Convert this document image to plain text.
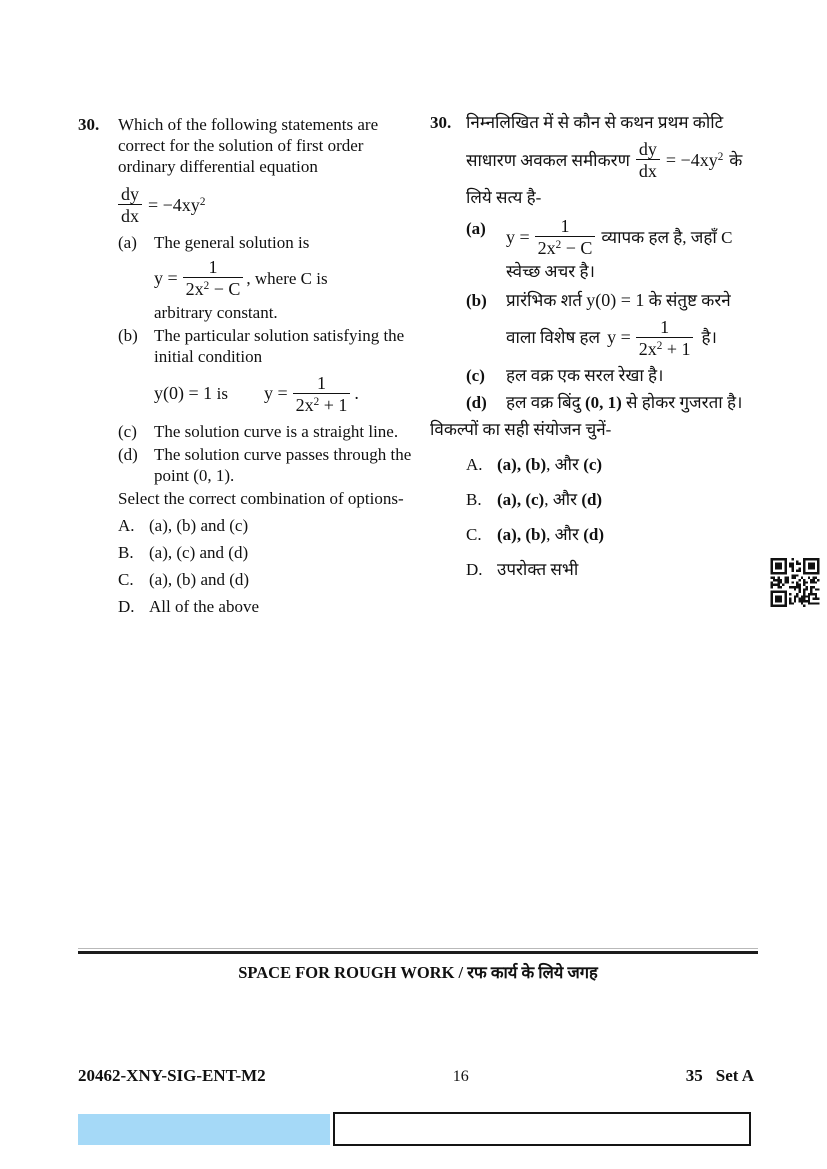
30.	Which of the following statements are correct for the solution of first order ordinary differential equation
$\frac{dy}{dx} = -4xy^2$
(a)	The general solution is
$y = \frac{1}{2x^2 - C}$ , where C is
arbitrary constant.
(b) The particular solution satisfying the initial condition
y(0) = 1 is $y = \frac{1}{2x^2 + 1}$ .
(c)	The solution curve is a straight line.
(d) The solution curve passes through the point (0, 1).
Select the correct combination of options-
A. (a), (b) and (c)
B. (a), (c) and (d)
C. (a), (b) and (d)
D. All of the above
30. निम्नलिखित में से कौन से कथन प्रथम कोटि
साधारण अवकल समीकरण $\frac{dy}{dx} = -4xy^2$ के
लिये सत्य है-
(a)	$y = \frac{1}{2x^2 - C}$ व्यापक हल है, जहाँ C
स्वेच्छ अचर है।
(b)	प्रारंभिक शर्त y(0) = 1 के संतुष्ट करने
वाला विशेष हल $y = \frac{1}{2x^2 + 1}$ है।
(c)	हल वक्र एक सरल रेखा है।
(d)	हल वक्र बिंदु (0, 1) से होकर गुजरता है।
विकल्पों का सही संयोजन चुनें-
A. (a), (b), और (c)
B. (a), (c), और (d)
C. (a), (b), और (d)
D. उपरोक्त सभी
SPACE FOR ROUGH WORK / रफ कार्य के लिये जगह
20462-XNY-SIG-ENT-M2	16	35 Set A
